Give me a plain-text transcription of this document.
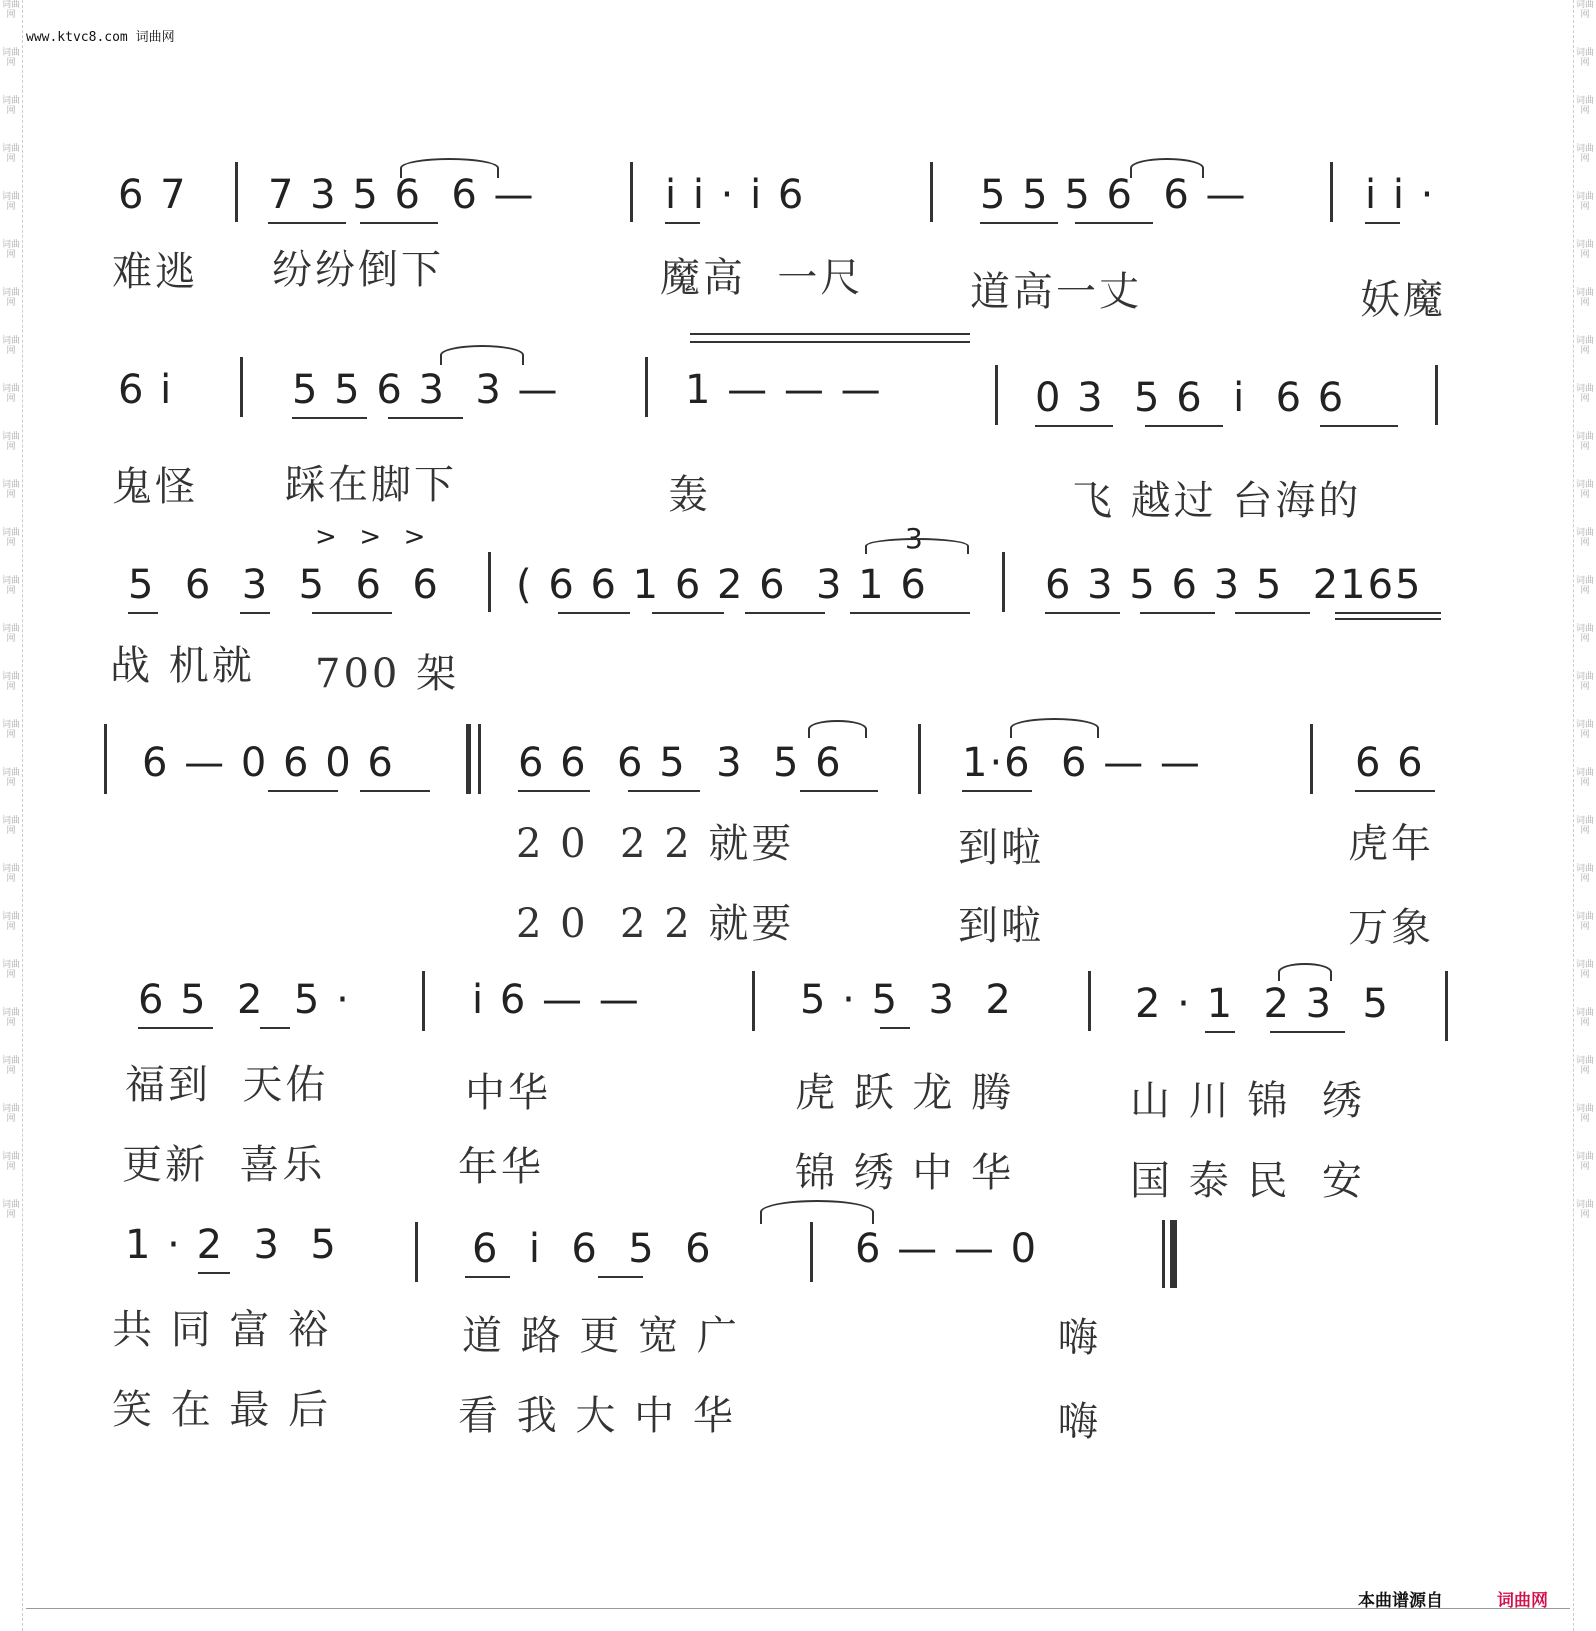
词曲网
词曲网
词曲网
词曲网
词曲网
词曲网
词曲网
词曲网
词曲网
词曲网
词曲网
词曲网
词曲网
词曲网
词曲网
词曲网
词曲网
词曲网
词曲网
词曲网
词曲网
词曲网
词曲网
词曲网
词曲网
词曲网
词曲网
词曲网
词曲网
词曲网
词曲网
词曲网
词曲网
词曲网
词曲网
词曲网
词曲网
词曲网
词曲网
词曲网
词曲网
词曲网
词曲网
词曲网
词曲网
词曲网
词曲网
词曲网
词曲网
词曲网
词曲网
词曲网
www.ktvc8.com 词曲网
6 7 7 3 5 6  6 —	i i · i 6	5 5 5 6  6 —	i i ·
难逃 纷纷倒下	魔高  一尺	道高一丈	妖魔
6 i	5 5 6 3  3 —	1 — — —	0 3  5 6  i  6 6
鬼怪 踩在脚下	轰	飞 越过 台海的
>  >  >	3
5  6  3  5  6  6 ( 6 6 1 6 2 6  3 1 6	6 3 5 6 3 5  2165
战 机就 700 架
6 — 0 6 0 6	6 6  6 5  3  5 6	1·6  6 — —	6 6
2 0  2 2 就要	到啦	虎年
2 0  2 2 就要	到啦	万象
6 5  2  5 ·	i 6 — —	5 · 5  3  2	2 · 1  2 3  5
福到  天佑	中华	虎 跃 龙 腾	山 川 锦  绣
更新  喜乐	年华	锦 绣 中 华	国 泰 民  安
1 · 2  3  5	6  i  6  5  6	6 — — 0
共 同 富 裕	道 路 更 宽 广	嗨
笑 在 最 后	看 我 大 中 华	嗨
本曲谱源自	词曲网
